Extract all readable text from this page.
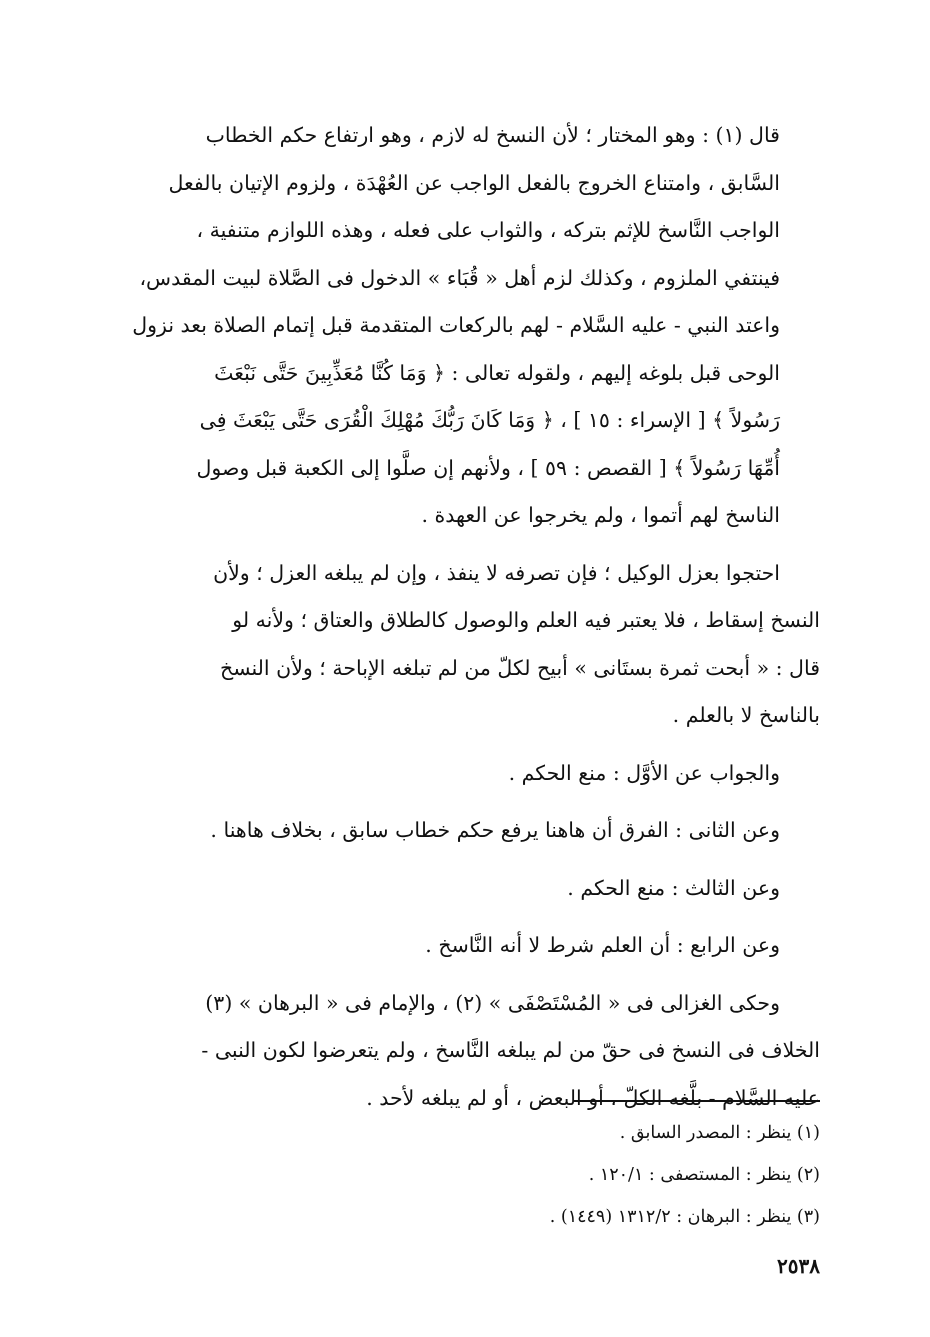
قال (١) : وهو المختار ؛ لأن النسخ له لازم ، وهو ارتفاع حكم الخطاب

السَّابق ، وامتناع الخروج بالفعل الواجب عن العُهْدَة ، ولزوم الإتيان بالفعل

الواجب النَّاسخ للإثم بتركه ، والثواب على فعله ، وهذه اللوازم متنفية ،

فينتفي الملزوم ، وكذلك لزم أهل « قُبَاء » الدخول فى الصَّلاة لبيت المقدس،

واعتد النبي - عليه السَّلام - لهم بالركعات المتقدمة قبل إتمام الصلاة بعد نزول

الوحى قبل بلوغه إليهم ، ولقوله تعالى : ﴿ وَمَا كُنَّا مُعَذِّبِينَ حَتَّى نَبْعَثَ

رَسُولاً ﴾ [ الإسراء : ١٥ ] ، ﴿ وَمَا كَانَ رَبُّكَ مُهْلِكَ الْقُرَى حَتَّى يَبْعَثَ فِى

أُمِّهَا رَسُولاً ﴾ [ القصص : ٥٩ ] ، ولأنهم إن صلَّوا إلى الكعبة قبل وصول

الناسخ لهم أتموا ، ولم يخرجوا عن العهدة .

احتجوا بعزل الوكيل ؛ فإن تصرفه لا ينفذ ، وإن لم يبلغه العزل ؛ ولأن

النسخ إسقاط ، فلا يعتبر فيه العلم والوصول كالطلاق والعتاق ؛ ولأنه لو

قال : « أبحت ثمرة بستَانى » أبيح لكلّ من لم تبلغه الإباحة ؛ ولأن النسخ

بالناسخ لا بالعلم .

والجواب عن الأوَّل : منع الحكم .

وعن الثانى : الفرق أن هاهنا يرفع حكم خطاب سابق ، بخلاف هاهنا .

وعن الثالث : منع الحكم .

وعن الرابع : أن العلم شرط لا أنه النَّاسخ .

وحكى الغزالى فى « المُسْتَصْفَى » (٢) ، والإمام فى « البرهان » (٣)

الخلاف فى النسخ فى حقّ من لم يبلغه النَّاسخ ، ولم يتعرضوا لكون النبى -

عليه السَّلام - بلَّغه الكلّ ، أو البعض ، أو لم يبلغه لأحد .

(١) ينظر : المصدر السابق .

(٢) ينظر : المستصفى : ١٢٠/١ .

(٣) ينظر : البرهان : ١٣١٢/٢ (١٤٤٩) .

٢٥٣٨
